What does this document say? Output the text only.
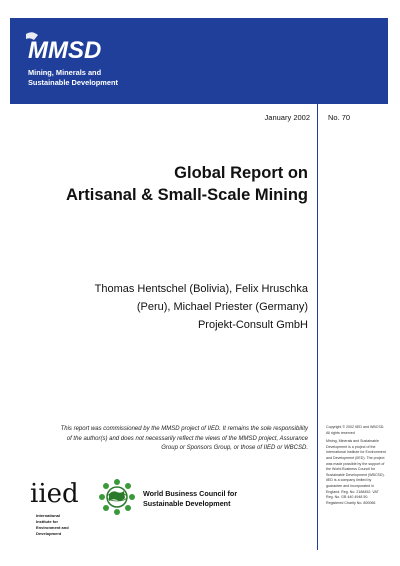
MMSD
Mining, Minerals and
Sustainable Development
January 2002 No. 70
Global Report on
Artisanal & Small-Scale Mining
Thomas Hentschel (Bolivia), Felix Hruschka
(Peru), Michael Priester (Germany)
Projekt-Consult GmbH
This report was commissioned by the MMSD project of IIED. It remains the sole responsibility of the author(s) and does not necessarily reflect the views of the MMSD project, Assurance Group or Sponsors Group, or those of IIED or WBCSD.
Copyright © 2002 IIED and WBCSD. All rights reserved
Mining, Minerals and Sustainable Development is a project of the International Institute for Environment and Development (IIED). The project was made possible by the support of the World Business Council for Sustainable Development (WBCSD). IIED is a company limited by guarantee and incorporated in England. Reg. No. 2188452. VAT Reg. No. GB 440 4948 50. Registered Charity No. 800066
iied
International
Institute for
Environment and
Development
World Business Council for
Sustainable Development
